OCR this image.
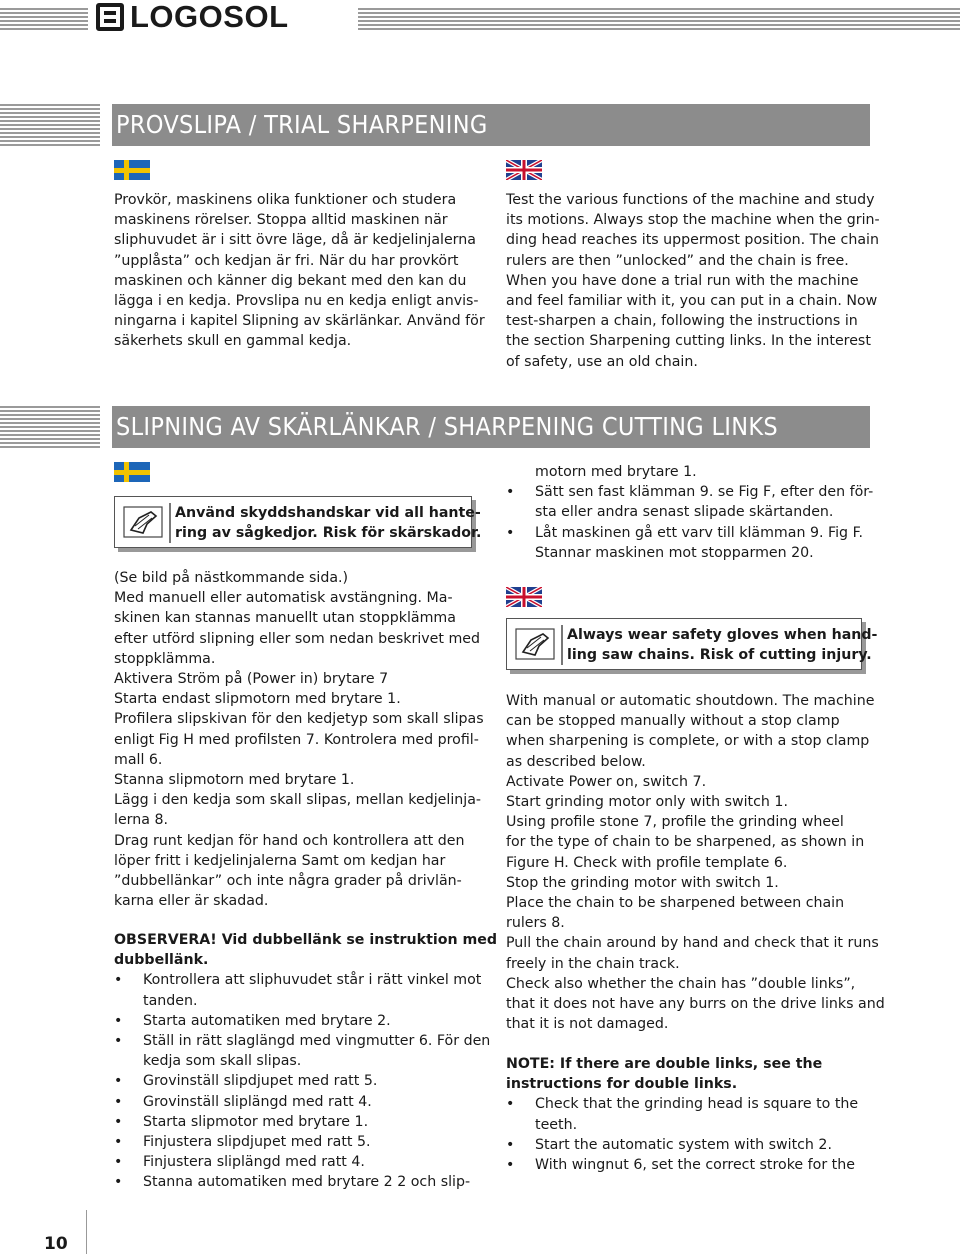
LOGOSOL
PROVSLIPA / TRIAL SHARPENING

Provkör, maskinens olika funktioner och studera

maskinens rörelser. Stoppa alltid maskinen när

sliphuvudet är i sitt övre läge, då är kedjelinjalerna

”upplåsta” och kedjan är fri. När du har provkört

maskinen och känner dig bekant med den kan du

lägga i en kedja. Provslipa nu en kedja enligt anvis-

ningarna i kapitel Slipning av skärlänkar. Använd för

säkerhets skull en gammal kedja.

Test the various functions of the machine and study

its motions. Always stop the machine when the grin-

ding head reaches its uppermost position. The chain

rulers are then ”unlocked” and the chain is free.

When you have done a trial run with the machine

and feel familiar with it, you can put in a chain. Now

test-sharpen a chain, following the instructions in

the section Sharpening cutting links. In the interest

of safety, use an old chain.

SLIPNING AV SKÄRLÄNKAR / SHARPENING CUTTING LINKS
Använd skyddshandskar vid all hante-
ring av sågkedjor. Risk för skärskador.

(Se bild på nästkommande sida.)

Med manuell eller automatisk avstängning. Ma-

skinen kan stannas manuellt utan stoppklämma

efter utförd slipning eller som nedan beskrivet med

stoppklämma.

Aktivera Ström på (Power in) brytare 7

Starta endast slipmotorn med brytare 1.

Profilera slipskivan för den kedjetyp som skall slipas

enligt Fig H med profilsten 7. Kontrolera med profil-

mall 6.

Stanna slipmotorn med brytare 1.

Lägg i den kedja som skall slipas, mellan kedjelinja-

lerna 8.

Drag runt kedjan för hand och kontrollera att den

löper fritt i kedjelinjalerna Samt om kedjan har

”dubbellänkar” och inte några grader på drivlän-

karna eller är skadad.

OBSERVERA! Vid dubbellänk se instruktion med

dubbellänk.

•	Kontrollera att sliphuvudet står i rätt vinkel mot
tanden.
•	Starta automatiken med brytare 2.
•	Ställ in rätt slaglängd med vingmutter 6. För den
kedja som skall slipas.
•	Grovinställ slipdjupet med ratt 5.
•	Grovinställ sliplängd med ratt 4.
•	Starta slipmotor med brytare 1.
•	Finjustera slipdjupet med ratt 5.
•	Finjustera sliplängd med ratt 4.
•	Stanna automatiken med brytare 2 2 och slip-
motorn med brytare 1.
•	Sätt sen fast klämman 9. se Fig F, efter den för-
sta eller andra senast slipade skärtanden.
•	Låt maskinen gå ett varv till klämman 9. Fig F.
Stannar maskinen mot stopparmen 20.
Always wear safety gloves when hand-
ling saw chains. Risk of cutting injury.

With manual or automatic shoutdown. The machine

can be stopped manually without a stop clamp

when sharpening is complete, or with a stop clamp

as described below.

Activate Power on, switch 7.

Start grinding motor only with switch 1.

Using profile stone 7, profile the grinding wheel

for the type of chain to be sharpened, as shown in

Figure H. Check with profile template 6.

Stop the grinding motor with switch 1.

Place the chain to be sharpened between chain

rulers 8.

Pull the chain around by hand and check that it runs

freely in the chain track.

Check also whether the chain has ”double links”,

that it does not have any burrs on the drive links and

that it is not damaged.

NOTE: If there are double links, see the

instructions for double links.

•	Check that the grinding head is square to the
teeth.
•	Start the automatic system with switch 2.
•	With wingnut 6, set the correct stroke for the
10
